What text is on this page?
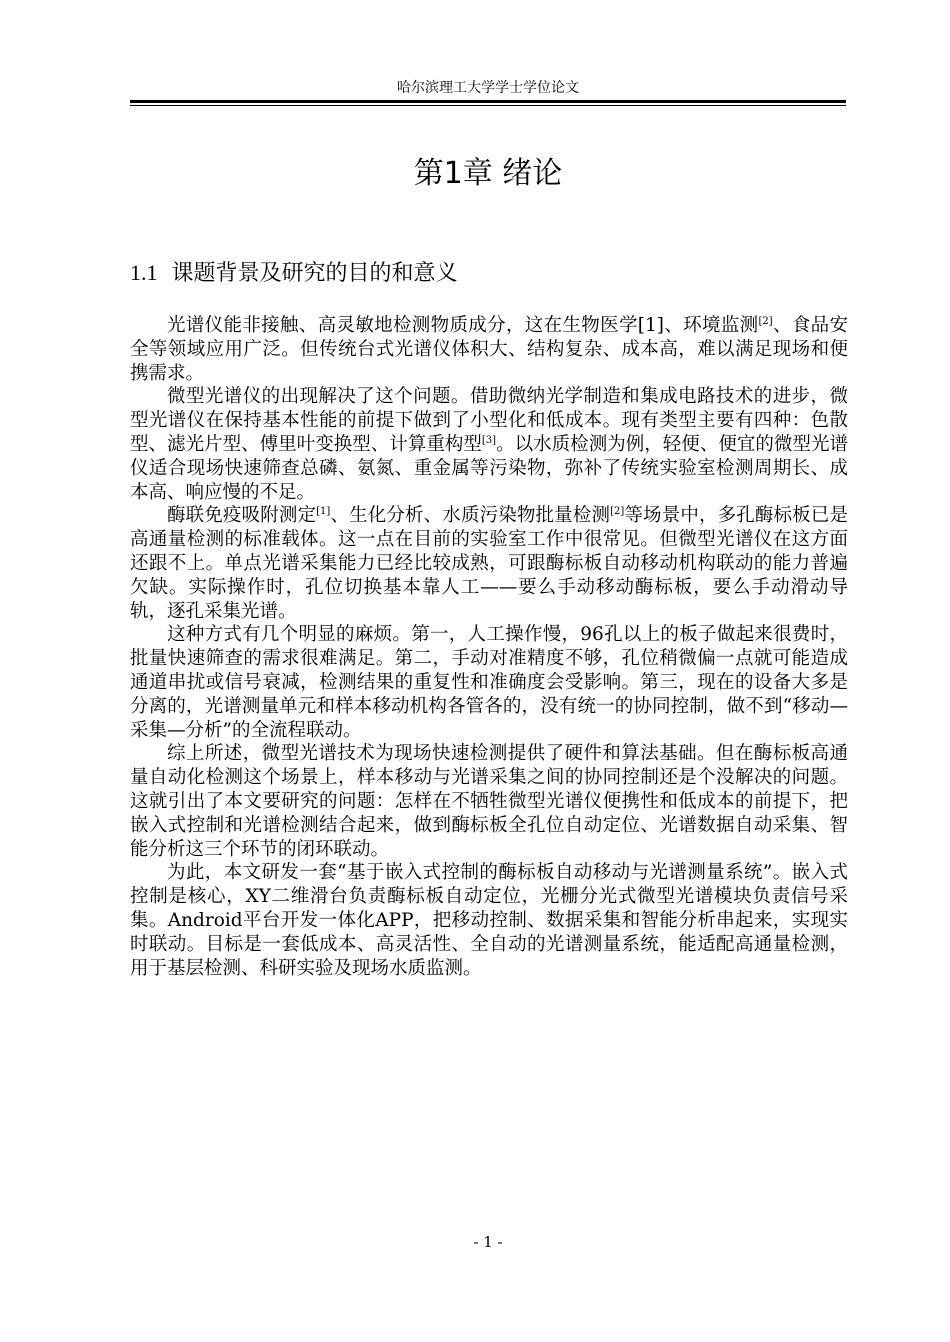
哈尔滨理工大学学士学位论文
第1章 绪论
1.1 课题背景及研究的目的和意义

光谱仪能非接触、高灵敏地检测物质成分，这在生物医学[1]、环境监测[2]、食品安全等领域应用广泛。但传统台式光谱仪体积大、结构复杂、成本高，难以满足现场和便携需求。

微型光谱仪的出现解决了这个问题。借助微纳光学制造和集成电路技术的进步，微型光谱仪在保持基本性能的前提下做到了小型化和低成本。现有类型主要有四种：色散型、滤光片型、傅里叶变换型、计算重构型[3]。以水质检测为例，轻便、便宜的微型光谱仪适合现场快速筛查总磷、氨氮、重金属等污染物，弥补了传统实验室检测周期长、成本高、响应慢的不足。

酶联免疫吸附测定[1]、生化分析、水质污染物批量检测[2]等场景中，多孔酶标板已是高通量检测的标准载体。这一点在目前的实验室工作中很常见。但微型光谱仪在这方面还跟不上。单点光谱采集能力已经比较成熟，可跟酶标板自动移动机构联动的能力普遍欠缺。实际操作时，孔位切换基本靠人工——要么手动移动酶标板，要么手动滑动导轨，逐孔采集光谱。

这种方式有几个明显的麻烦。第一，人工操作慢，96孔以上的板子做起来很费时，批量快速筛查的需求很难满足。第二，手动对准精度不够，孔位稍微偏一点就可能造成通道串扰或信号衰减，检测结果的重复性和准确度会受影响。第三，现在的设备大多是分离的，光谱测量单元和样本移动机构各管各的，没有统一的协同控制，做不到“移动—采集—分析”的全流程联动。

综上所述，微型光谱技术为现场快速检测提供了硬件和算法基础。但在酶标板高通量自动化检测这个场景上，样本移动与光谱采集之间的协同控制还是个没解决的问题。这就引出了本文要研究的问题：怎样在不牺牲微型光谱仪便携性和低成本的前提下，把嵌入式控制和光谱检测结合起来，做到酶标板全孔位自动定位、光谱数据自动采集、智能分析这三个环节的闭环联动。

为此，本文研发一套“基于嵌入式控制的酶标板自动移动与光谱测量系统”。嵌入式控制是核心，XY二维滑台负责酶标板自动定位，光栅分光式微型光谱模块负责信号采集。Android平台开发一体化APP，把移动控制、数据采集和智能分析串起来，实现实时联动。目标是一套低成本、高灵活性、全自动的光谱测量系统，能适配高通量检测，用于基层检测、科研实验及现场水质监测。

- 1 -
